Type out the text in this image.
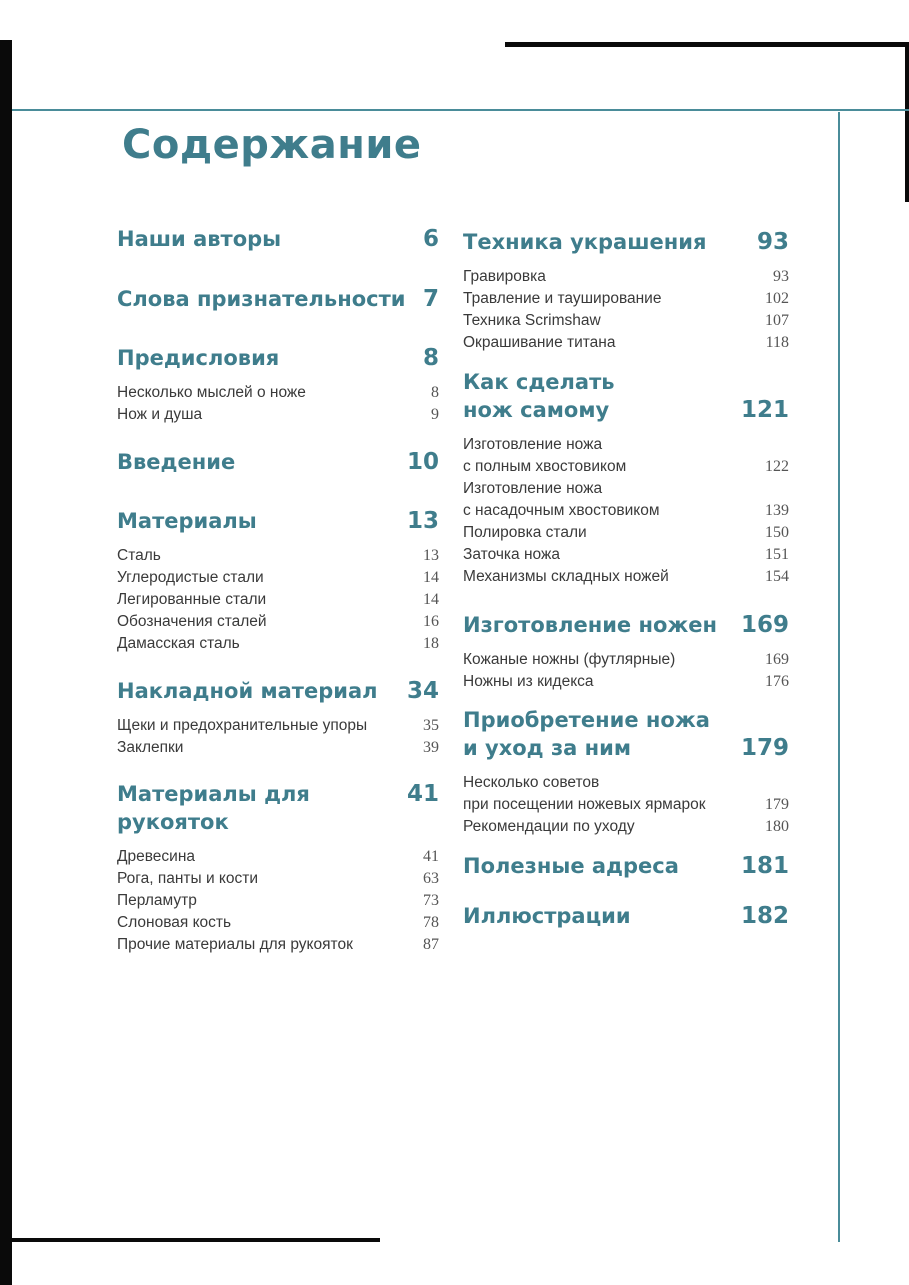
Содержание
Наши авторы	6
Слова признательности 7
Предисловия	8
Несколько мыслей о ноже	8
Нож и душа	9
Введение	10
Материалы	13
Сталь	13
Углеродистые стали	14
Легированные стали	14
Обозначения сталей	16
Дамасская сталь	18
Накладной материал 34
Щеки и предохранительные упоры	35
Заклепки	39
Материалы для рукояток
41
Древесина	41
Рога, панты и кости	63
Перламутр	73
Слоновая кость	78
Прочие материалы для рукояток	87
Техника украшения 93
Гравировка	93
Травление и тауширование	102
Техника Scrimshaw	107
Окрашивание титана	118
Как сделать
нож самому	121
Изготовление ножа
с полным хвостовиком	122
Изготовление ножа
с насадочным хвостовиком	139
Полировка стали	150
Заточка ножа	151
Механизмы складных ножей	154
Изготовление ножен 169
Кожаные ножны (футлярные)	169
Ножны из кидекса	176
Приобретение ножа
и уход за ним	179
Несколько советов
при посещении ножевых ярмарок	179
Рекомендации по уходу	180
Полезные адреса	181
Иллюстрации	182
